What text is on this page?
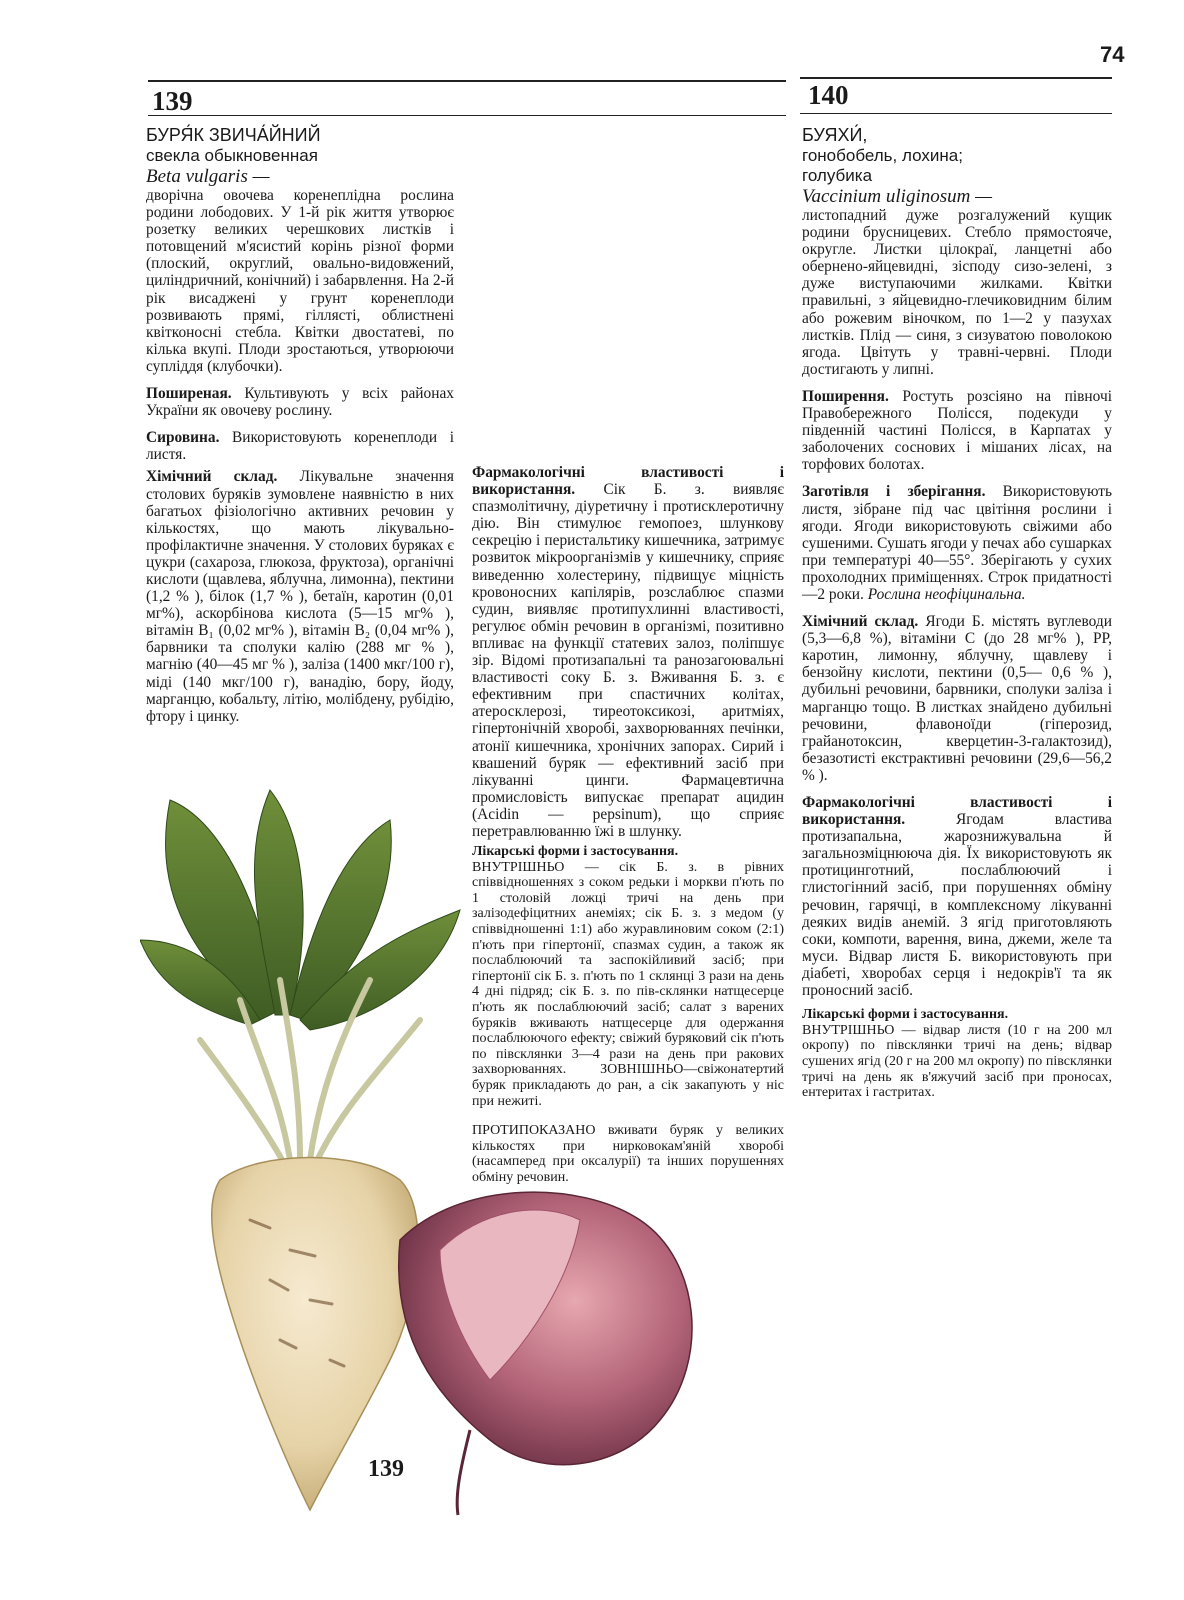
74
139	140

БУРЯ́К ЗВИЧА́ЙНИЙ

свекла обыкновенная

Beta vulgaris —

дворічна овочева коренеплідна рослина родини лободових. У 1-й рік життя утворює розетку великих черешкових листків і потовщений м'ясистий корінь різної форми (плоский, округлий, овально-видовжений, циліндричний, конічний) і забарвлення. На 2-й рік висаджені у грунт коренеплоди розвивають прямі, гіллясті, облистнені квітконосні стебла. Квітки двостатеві, по кілька вкупі. Плоди зростаються, утворюючи супліддя (клубочки).

Поширеная. Культивують у всіх районах України як овочеву рослину.

Сировина. Використовують коренеплоди і листя.

Хімічний склад. Лікувальне значення столових буряків зумовлене наявністю в них багатьох фізіологічно активних речовин у кількостях, що мають лікувально-профілактичне значення. У столових буряках є цукри (сахароза, глюкоза, фруктоза), органічні кислоти (щавлева, яблучна, лимонна), пектини (1,2 % ), білок (1,7 % ), бетаїн, каротин (0,01 мг%), аскорбінова кислота (5—15 мг% ), вітамін B₁ (0,02 мг% ), вітамін B₂ (0,04 мг% ), барвники та сполуки калію (288 мг % ), магнію (40—45 мг % ), заліза (1400 мкг/100 г), міді (140 мкг/100 г), ванадію, бору, йоду, марганцю, кобальту, літію, молібдену, рубідію, фтору і цинку.

Фармакологічні властивості і використання. Сік Б. з. виявляє спазмолітичну, діуретичну і протисклеротичну дію. Він стимулює гемопоез, шлункову секрецію і перистальтику кишечника, затримує розвиток мікроорганізмів у кишечнику, сприяє виведенню холестерину, підвищує міцність кровоносних капілярів, розслаблює спазми судин, виявляє протипухлинні властивості, регулює обмін речовин в організмі, позитивно впливає на функції статевих залоз, поліпшує зір. Відомі протизапальні та ранозагоювальні властивості соку Б. з. Вживання Б. з. є ефективним при спастичних колітах, атеросклерозі, тиреотоксикозі, аритміях, гіпертонічній хворобі, захворюваннях печінки, атонії кишечника, хронічних запорах. Сирий і квашений буряк — ефективний засіб при лікуванні цинги. Фармацевтична промисловість випускає препарат ацидин (Acidin — pepsinum), що сприяє перетравлюванню їжі в шлунку.

Лікарські форми і застосування.

ВНУТРІШНЬО — сік Б. з. в рівних співвідношеннях з соком редьки і моркви п'ють по 1 столовій ложці тричі на день при залізодефіцитних анеміях; сік Б. з. з медом (у співвідношенні 1:1) або журавлиновим соком (2:1) п'ють при гіпертонії, спазмах судин, а також як послаблюючий та заспокійливий засіб; при гіпертонії сік Б. з. п'ють по 1 склянці 3 рази на день 4 дні підряд; сік Б. з. по пів-склянки натщесерце п'ють як послаблюючий засіб; салат з варених буряків вживають натщесерце для одержання послаблюючого ефекту; свіжий буряковий сік п'ють по півсклянки 3—4 рази на день при ракових захворюваннях. ЗОВНІШНЬО—свіжонатертий буряк прикладають до ран, а сік закапують у ніс при нежиті.

ПРОТИПОКАЗАНО вживати буряк у великих кількостях при нирковокам'яній хворобі (насамперед при оксалурії) та інших порушеннях обміну речовин.

БУЯХИ́,

гонобобель, лохина;

голубика

Vaccinium uliginosum —

листопадний дуже розгалужений кущик родини брусницевих. Стебло прямостояче, округле. Листки цілокраї, ланцетні або обернено-яйцевидні, зісподу сизо-зелені, з дуже виступаючими жилками. Квітки правильні, з яйцевидно-глечиковидним білим або рожевим віночком, по 1—2 у пазухах листків. Плід — синя, з сизуватою поволокою ягода. Цвітуть у травні-червні. Плоди достигають у липні.

Поширення. Ростуть розсіяно на півночі Правобережного Полісся, подекуди у південній частині Полісся, в Карпатах у заболочених соснових і мішаних лісах, на торфових болотах.

Заготівля і зберігання. Використовують листя, зібране під час цвітіння рослини і ягоди. Ягоди використовують свіжими або сушеними. Сушать ягоди у печах або сушарках при температурі 40—55°. Зберігають у сухих прохолодних приміщеннях. Строк придатності —2 роки. Рослина неофіцинальна.

Хімічний склад. Ягоди Б. містять вуглеводи (5,3—6,8 %), вітаміни С (до 28 мг% ), РР, каротин, лимонну, яблучну, щавлеву і бензойну кислоти, пектини (0,5— 0,6 % ), дубильні речовини, барвники, сполуки заліза і марганцю тощо. В листках знайдено дубильні речовини, флавоноїди (гіперозид, грайанотоксин, кверцетин-3-галактозид), безазотисті екстрактивні речовини (29,6—56,2 % ).

Фармакологічні властивості і використання.	Ягодам властива протизапальна, жарознижувальна й загальнозміцнююча дія. Їх використовують як протицинготний, послаблюючий і глистогінний засіб, при порушеннях обміну речовин, гарячці, в комплексному лікуванні деяких видів анемій. З ягід приготовляють соки, компоти, варення, вина, джеми, желе та муси. Відвар листя Б. використовують при діабеті, хворобах серця і недокрів'ї та як проносний засіб.

Лікарські форми і застосування.

ВНУТРІШНЬО — відвар листя (10 г на 200 мл окропу) по півсклянки тричі на день; відвар сушених ягід (20 г на 200 мл окропу) по півсклянки тричі на день як в'яжучий засіб при проносах, ентеритах і гастритах.

139
